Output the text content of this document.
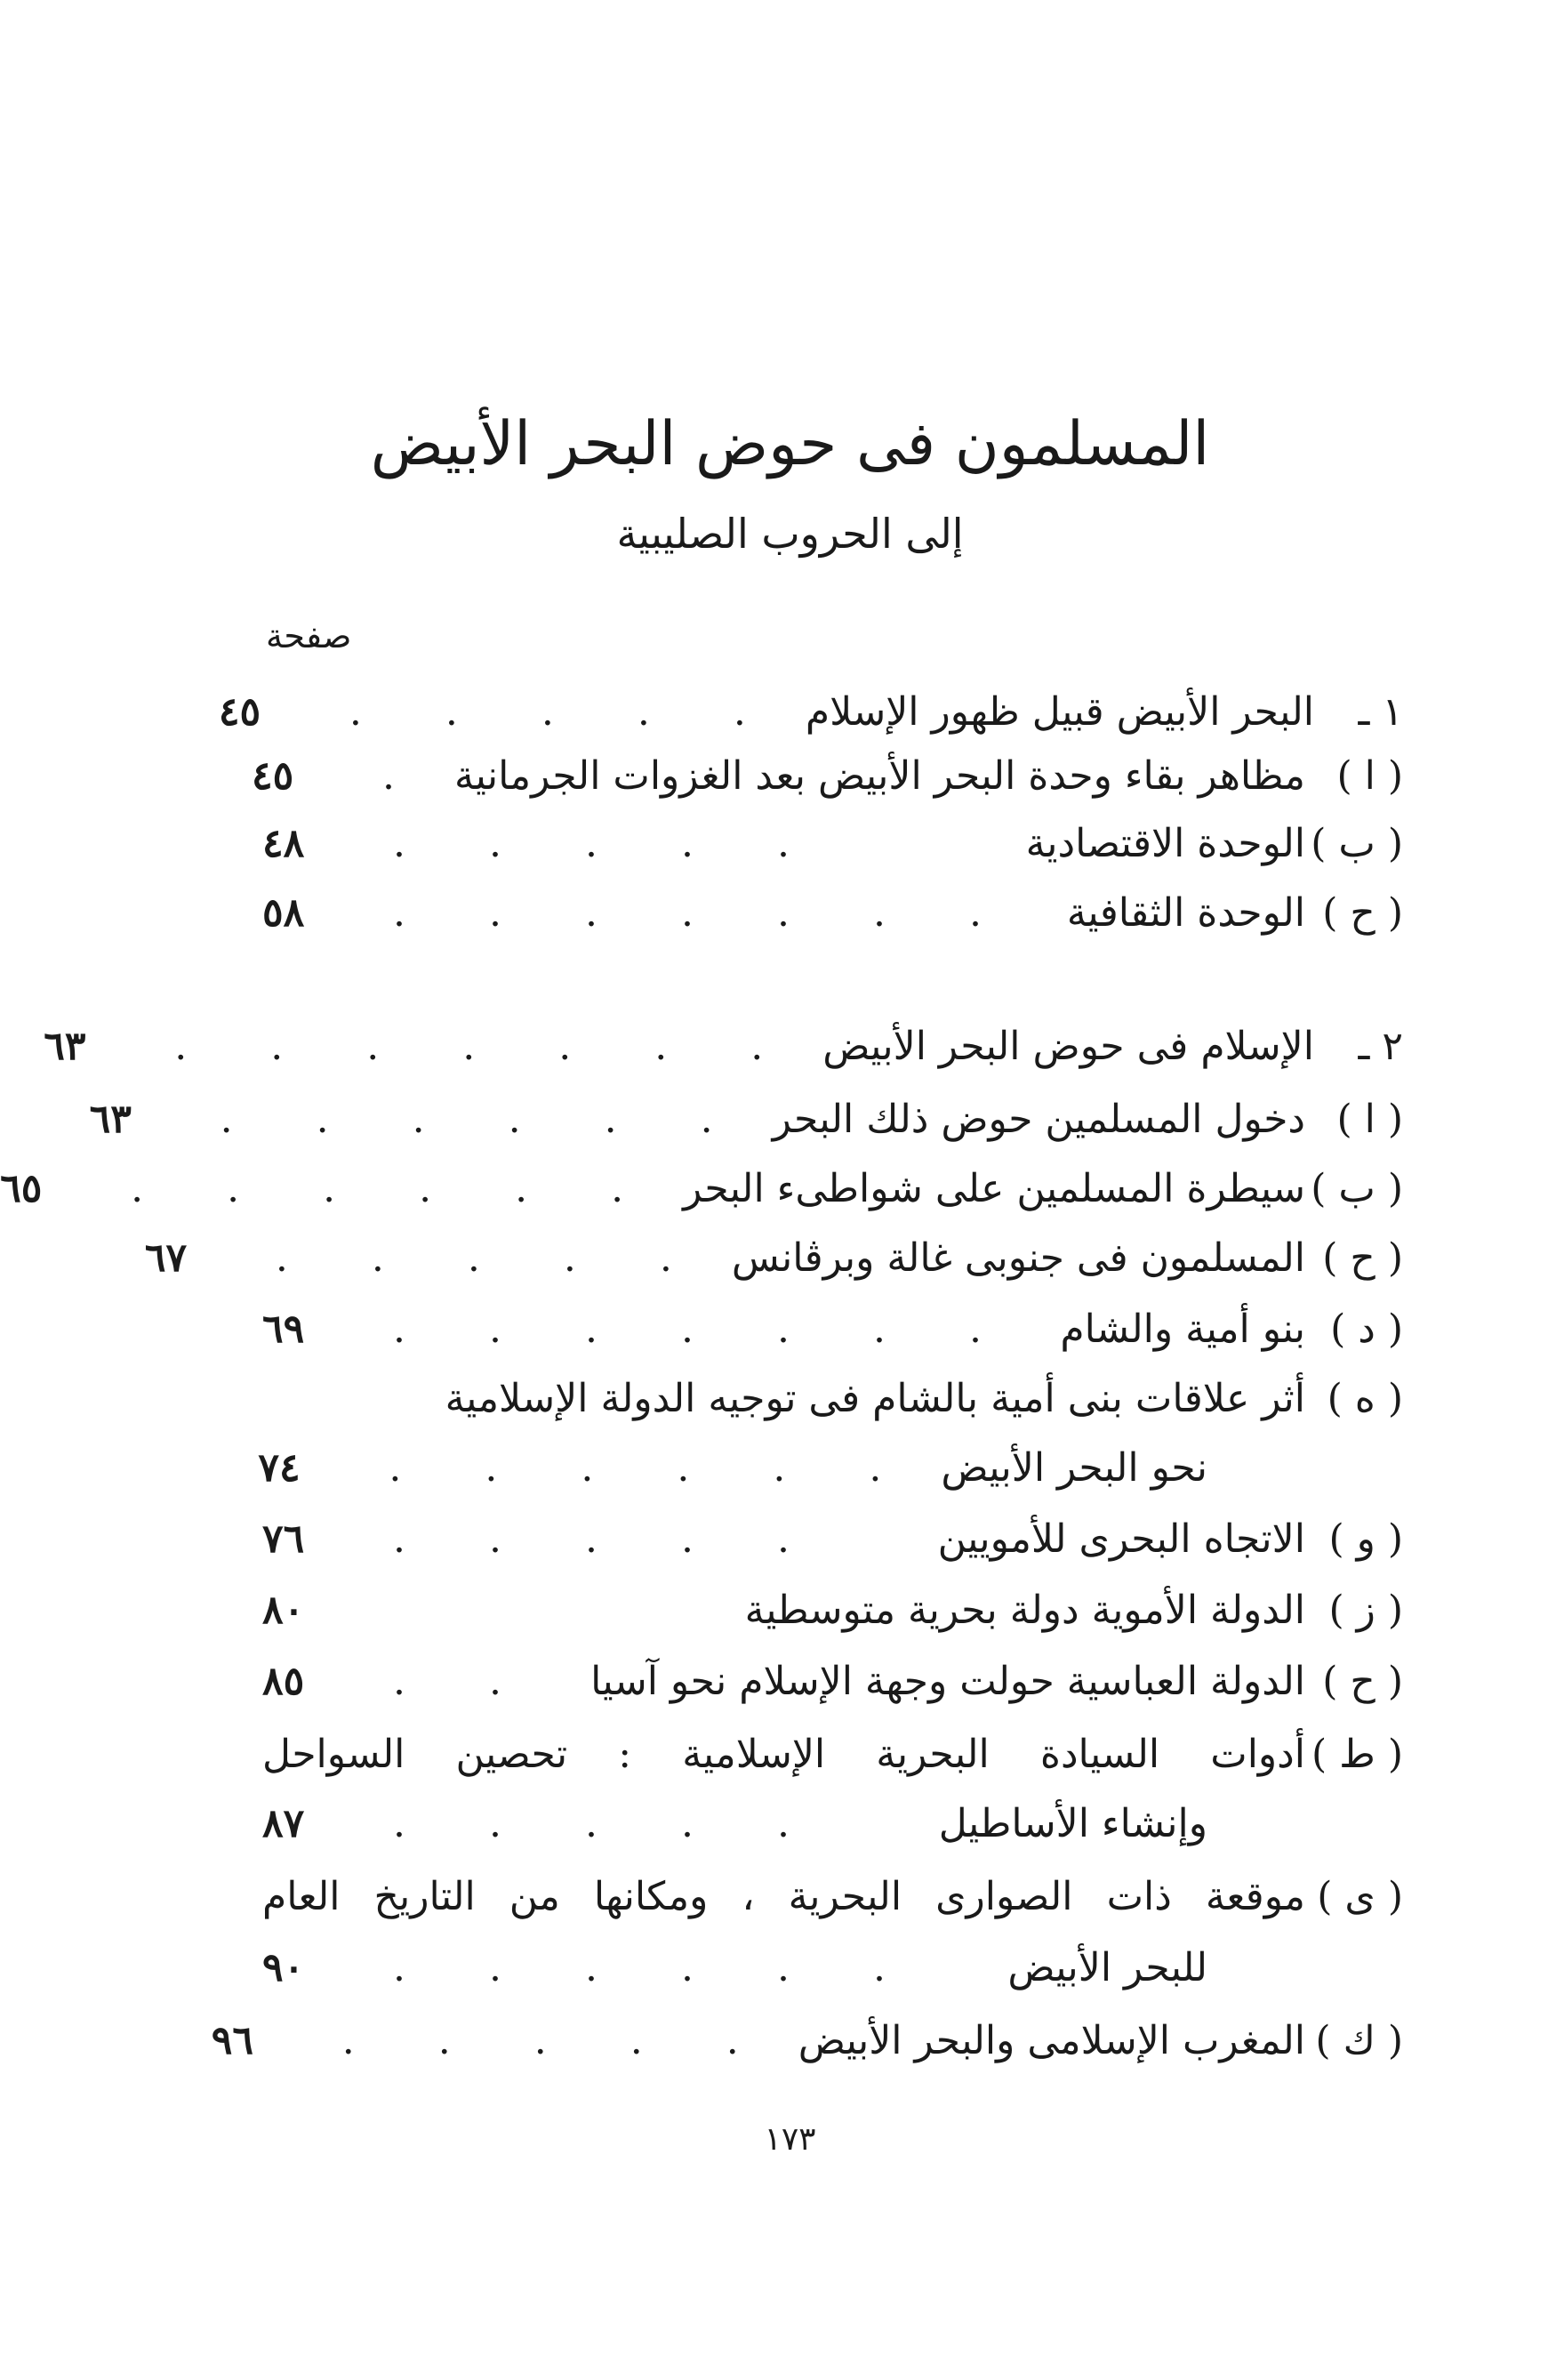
المسلمون فى حوض البحر الأبيض
إلى الحروب الصليبية
صفحة
١ ـ
البحر الأبيض قبيل ظهور الإسلام
. . . . .
٤٥
( ا )
مظاهر بقاء وحدة البحر الأبيض بعد الغزوات الجرمانية
.
٤٥
( ب )
الوحدة الاقتصادية
. . . . .
٤٨
( ح )
الوحدة الثقافية
. . . . . . .
٥٨
٢ ـ
الإسلام فى حوض البحر الأبيض
. . . . . . .
٦٣
( ا )
دخول المسلمين حوض ذلك البحر
. . . . . .
٦٣
( ب )
سيطرة المسلمين على شواطىء البحر
. . . . . .
٦٥
( ح )
المسلمون فى جنوبى غالة وبرڤانس
. . . . .
٦٧
( د )
بنو أمية والشام
. . . . . . .
٦٩
( ه )
أثر علاقات بنى أمية بالشام فى توجيه الدولة الإسلامية
نحو البحر الأبيض
. . . . . .
٧٤
( و )
الاتجاه البحرى للأمويين
. . . . .
٧٦
( ز )
الدولة الأموية دولة بحرية متوسطية
٨٠
( ح )
الدولة العباسية حولت وجهة الإسلام نحو آسيا
. .
٨٥
( ط )
أدوات السيادة البحرية الإسلامية : تحصين السواحل
وإنشاء الأساطيل
. . . . .
٨٧
( ى )
موقعة ذات الصوارى البحرية ، ومكانها من التاريخ العام
للبحر الأبيض
. . . . . .
٩٠
( ك )
المغرب الإسلامى والبحر الأبيض
. . . . .
٩٦
١٧٣
